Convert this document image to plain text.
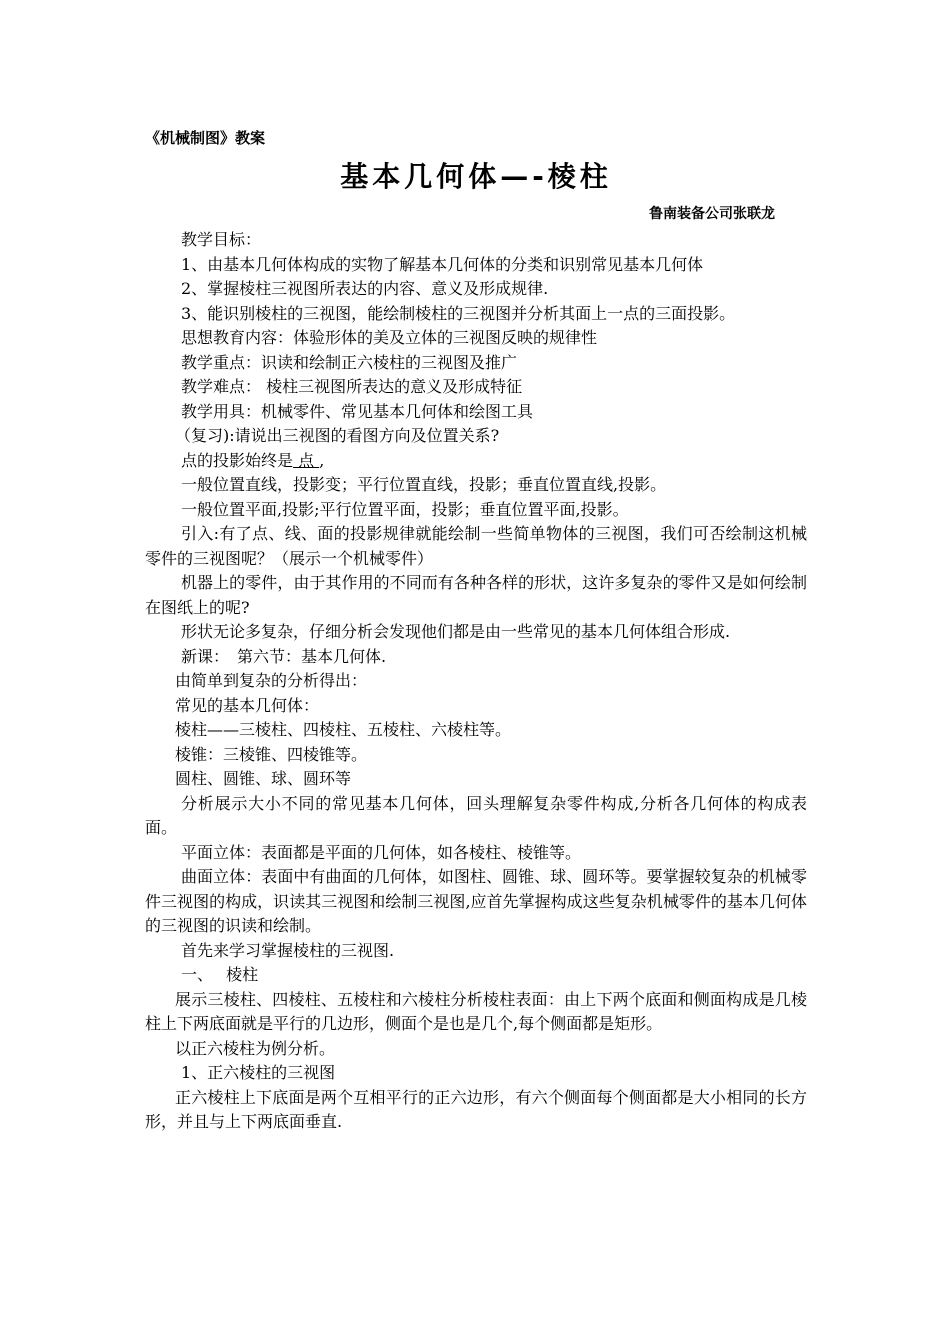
《机械制图》教案
基本几何体—-棱柱
鲁南装备公司张联龙

教学目标：

1、由基本几何体构成的实物了解基本几何体的分类和识别常见基本几何体

2、掌握棱柱三视图所表达的内容、意义及形成规律.

3、能识别棱柱的三视图，能绘制棱柱的三视图并分析其面上一点的三面投影。

思想教育内容：体验形体的美及立体的三视图反映的规律性

教学重点：识读和绘制正六棱柱的三视图及推广

教学难点： 棱柱三视图所表达的意义及形成特征

教学用具：机械零件、常见基本几何体和绘图工具

（复习):请说出三视图的看图方向及位置关系?

点的投影始终是 点 ,

一般位置直线，投影变；平行位置直线，投影；垂直位置直线,投影。

一般位置平面,投影;平行位置平面，投影；垂直位置平面,投影。

引入:有了点、线、面的投影规律就能绘制一些简单物体的三视图，我们可否绘制这机械零件的三视图呢？（展示一个机械零件）

机器上的零件，由于其作用的不同而有各种各样的形状，这许多复杂的零件又是如何绘制在图纸上的呢?

形状无论多复杂，仔细分析会发现他们都是由一些常见的基本几何体组合形成.

新课：　第六节：基本几何体.

由简单到复杂的分析得出：

常见的基本几何体：

棱柱——三棱柱、四棱柱、五棱柱、六棱柱等。

棱锥：三棱锥、四棱锥等。

圆柱、圆锥、球、圆环等

分析展示大小不同的常见基本几何体，回头理解复杂零件构成,分析各几何体的构成表面。

平面立体：表面都是平面的几何体，如各棱柱、棱锥等。

曲面立体：表面中有曲面的几何体，如图柱、圆锥、球、圆环等。要掌握较复杂的机械零件三视图的构成，识读其三视图和绘制三视图,应首先掌握构成这些复杂机械零件的基本几何体的三视图的识读和绘制。

首先来学习掌握棱柱的三视图.

一、　 棱柱

展示三棱柱、四棱柱、五棱柱和六棱柱分析棱柱表面：由上下两个底面和侧面构成是几棱柱上下两底面就是平行的几边形，侧面个是也是几个,每个侧面都是矩形。

以正六棱柱为例分析。

1、正六棱柱的三视图

正六棱柱上下底面是两个互相平行的正六边形，有六个侧面每个侧面都是大小相同的长方形，并且与上下两底面垂直.
